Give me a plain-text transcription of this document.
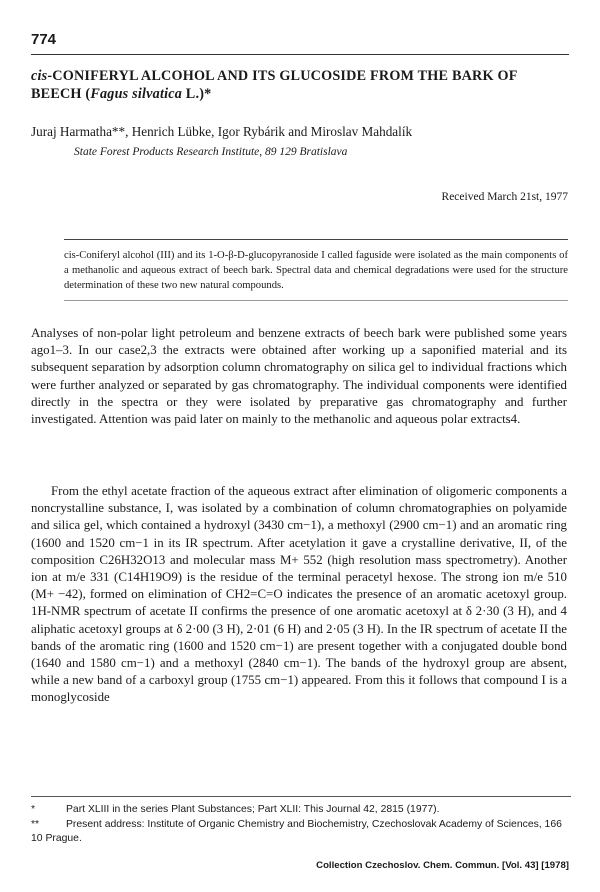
774
cis-CONIFERYL ALCOHOL AND ITS GLUCOSIDE FROM THE BARK OF BEECH (Fagus silvatica L.)*
Juraj Harmatha**, Henrich Lübke, Igor Rybárik and Miroslav Mahdalík
State Forest Products Research Institute, 89 129 Bratislava
Received March 21st, 1977
cis-Coniferyl alcohol (III) and its 1-O-β-D-glucopyranoside I called faguside were isolated as the main components of a methanolic and aqueous extract of beech bark. Spectral data and chemical degradations were used for the structure determination of these two new natural compounds.
Analyses of non-polar light petroleum and benzene extracts of beech bark were published some years ago1–3. In our case2,3 the extracts were obtained after working up a saponified material and its subsequent separation by adsorption column chromatography on silica gel to individual fractions which were further analyzed or separated by gas chromatography. The individual components were identified directly in the spectra or they were isolated by preparative gas chromatography and further investigated. Attention was paid later on mainly to the methanolic and aqueous polar extracts4.
From the ethyl acetate fraction of the aqueous extract after elimination of oligomeric components a noncrystalline substance, I, was isolated by a combination of column chromatographies on polyamide and silica gel, which contained a hydroxyl (3430 cm−1), a methoxyl (2900 cm−1) and an aromatic ring (1600 and 1520 cm−1 in its IR spectrum. After acetylation it gave a crystalline derivative, II, of the composition C26H32O13 and molecular mass M+ 552 (high resolution mass spectrometry). Another ion at m/e 331 (C14H19O9) is the residue of the terminal peracetyl hexose. The strong ion m/e 510 (M+ −42), formed on elimination of CH2=C=O indicates the presence of an aromatic acetoxyl group. 1H-NMR spectrum of acetate II confirms the presence of one aromatic acetoxyl at δ 2·30 (3 H), and 4 aliphatic acetoxyl groups at δ 2·00 (3 H), 2·01 (6 H) and 2·05 (3 H). In the IR spectrum of acetate II the bands of the aromatic ring (1600 and 1520 cm−1) are present together with a conjugated double bond (1640 and 1580 cm−1) and a methoxyl (2840 cm−1). The bands of the hydroxyl group are absent, while a new band of a carboxyl group (1755 cm−1) appeared. From this it follows that compound I is a monoglycoside
*	Part XLIII in the series Plant Substances; Part XLII: This Journal 42, 2815 (1977).
**	Present address: Institute of Organic Chemistry and Biochemistry, Czechoslovak Academy of Sciences, 166 10 Prague.
Collection Czechoslov. Chem. Commun. [Vol. 43] [1978]
